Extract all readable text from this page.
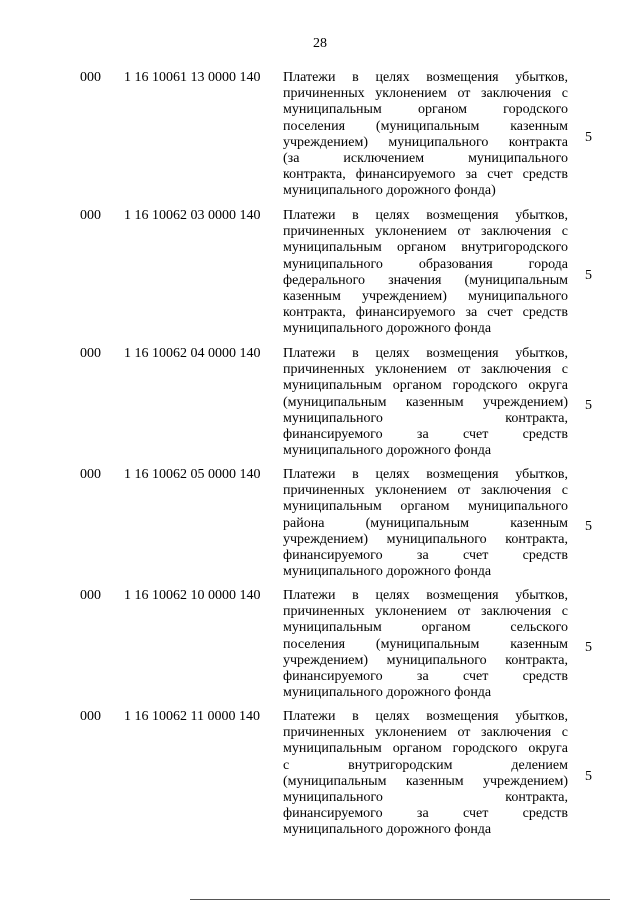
28
000 1 16 10061 13 0000 140 Платежи в целях возмещения убытков,
причиненных уклонением от заключения с
муниципальным органом городского
поселения (муниципальным казенным
учреждением) муниципального контракта
(за исключением муниципального
контракта, финансируемого за счет средств
муниципального дорожного фонда)
5
000 1 16 10062 03 0000 140 Платежи в целях возмещения убытков,
причиненных уклонением от заключения с
муниципальным органом внутригородского
муниципального образования города
федерального значения (муниципальным
казенным учреждением) муниципального
контракта, финансируемого за счет средств
муниципального дорожного фонда
5
000 1 16 10062 04 0000 140 Платежи в целях возмещения убытков,
причиненных уклонением от заключения с
муниципальным органом городского округа
(муниципальным казенным учреждением)
муниципального контракта,
финансируемого за счет средств
муниципального дорожного фонда
5
000 1 16 10062 05 0000 140 Платежи в целях возмещения убытков,
причиненных уклонением от заключения с
муниципальным органом муниципального
района (муниципальным казенным
учреждением) муниципального контракта,
финансируемого за счет средств
муниципального дорожного фонда
5
000 1 16 10062 10 0000 140 Платежи в целях возмещения убытков,
причиненных уклонением от заключения с
муниципальным органом сельского
поселения (муниципальным казенным
учреждением) муниципального контракта,
финансируемого за счет средств
муниципального дорожного фонда
5
000 1 16 10062 11 0000 140 Платежи в целях возмещения убытков,
причиненных уклонением от заключения с
муниципальным органом городского округа
с внутригородским делением
(муниципальным казенным учреждением)
муниципального контракта,
финансируемого за счет средств
муниципального дорожного фонда
5
